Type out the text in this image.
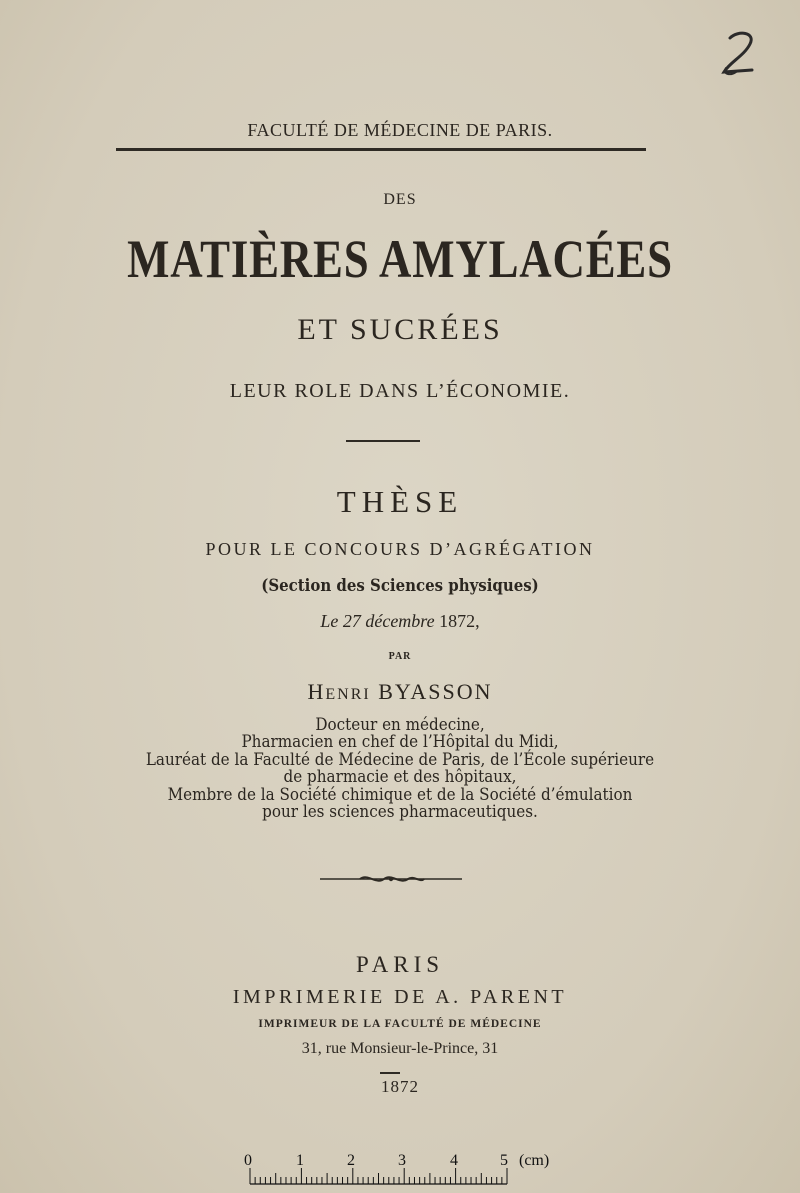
FACULTÉ DE MÉDECINE DE PARIS.
DES
MATIÈRES AMYLACÉES
ET SUCRÉES
LEUR ROLE DANS L’ÉCONOMIE.
THÈSE
POUR LE CONCOURS D’AGRÉGATION
(Section des Sciences physiques)
Le 27 décembre 1872,
PAR
HENRI BYASSON
Docteur en médecine,
Pharmacien en chef de l’Hôpital du Midi,
Lauréat de la Faculté de Médecine de Paris, de l’École supérieure
de pharmacie et des hôpitaux,
Membre de la Société chimique et de la Société d’émulation
pour les sciences pharmaceutiques.
PARIS
IMPRIMERIE DE A. PARENT
IMPRIMEUR DE LA FACULTÉ DE MÉDECINE
31, rue Monsieur-le-Prince, 31
1872
0	1	2	3	4	5 (cm)
